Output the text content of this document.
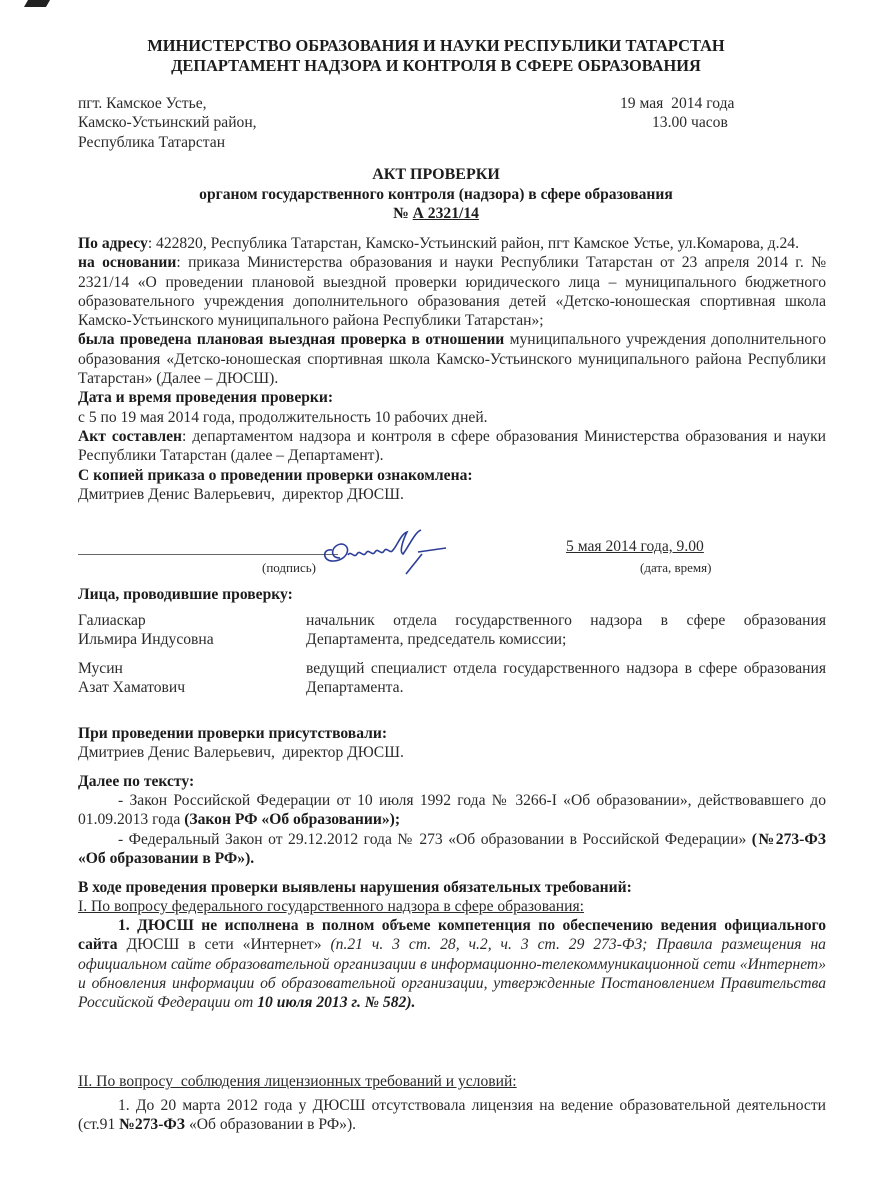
МИНИСТЕРСТВО ОБРАЗОВАНИЯ И НАУКИ РЕСПУБЛИКИ ТАТАРСТАН
ДЕПАРТАМЕНТ НАДЗОРА И КОНТРОЛЯ В СФЕРЕ ОБРАЗОВАНИЯ
пгт. Камское Устье,
Камско-Устьинский район,
Республика Татарстан
19 мая  2014 года
13.00 часов
АКТ ПРОВЕРКИ
органом государственного контроля (надзора) в сфере образования
№ А 2321/14

По адресу: 422820, Республика Татарстан, Камско-Устьинский район, пгт Камское Устье, ул.Комарова, д.24.

на основании: приказа Министерства образования и науки Республики Татарстан от 23 апреля 2014 г. № 2321/14 «О проведении плановой выездной проверки юридического лица – муниципального бюджетного образовательного учреждения дополнительного образования детей «Детско-юношеская спортивная школа Камско-Устьинского муниципального района Республики Татарстан»;

была проведена плановая выездная проверка в отношении муниципального учреждения дополнительного образования «Детско-юношеская спортивная школа Камско-Устьинского муниципального района Республики Татарстан» (Далее – ДЮСШ).

Дата и время проведения проверки:

с 5 по 19 мая 2014 года, продолжительность 10 рабочих дней.

Акт составлен: департаментом надзора и контроля в сфере образования Министерства образования и науки Республики Татарстан (далее – Департамент).

С копией приказа о проведении проверки ознакомлена:

Дмитриев Денис Валерьевич,  директор ДЮСШ.

(подпись)
5 мая 2014 года, 9.00
(дата, время)
Лица, проводившие проверку:
Галиаскар
Ильмира Индусовна
начальник отдела государственного надзора в сфере образования Департамента, председатель комиссии;
Мусин
Азат Хаматович
ведущий специалист отдела государственного надзора в сфере образования Департамента.
При проведении проверки присутствовали:
Дмитриев Денис Валерьевич,  директор ДЮСШ.
Далее по тексту:

- Закон Российской Федерации от 10 июля 1992 года № 3266-I «Об образовании», действовавшего до 01.09.2013 года (Закон РФ «Об образовании»);

- Федеральный Закон от 29.12.2012 года № 273 «Об образовании в Российской Федерации» (№273-ФЗ «Об образовании в РФ»).

В ходе проведения проверки выявлены нарушения обязательных требований:
I. По вопросу федерального государственного надзора в сфере образования:

1. ДЮСШ не исполнена в полном объеме компетенция по обеспечению ведения официального сайта ДЮСШ в сети «Интернет» (п.21 ч. 3 ст. 28, ч.2, ч. 3 ст. 29 273-ФЗ; Правила размещения на официальном сайте образовательной организации в информационно-телекоммуникационной сети «Интернет» и обновления информации об образовательной организации, утвержденные Постановлением Правительства Российской Федерации от 10 июля 2013 г. № 582).

II. По вопросу  соблюдения лицензионных требований и условий:

1. До 20 марта 2012 года у ДЮСШ отсутствовала лицензия на ведение образовательной деятельности (ст.91 №273-ФЗ «Об образовании в РФ»).
